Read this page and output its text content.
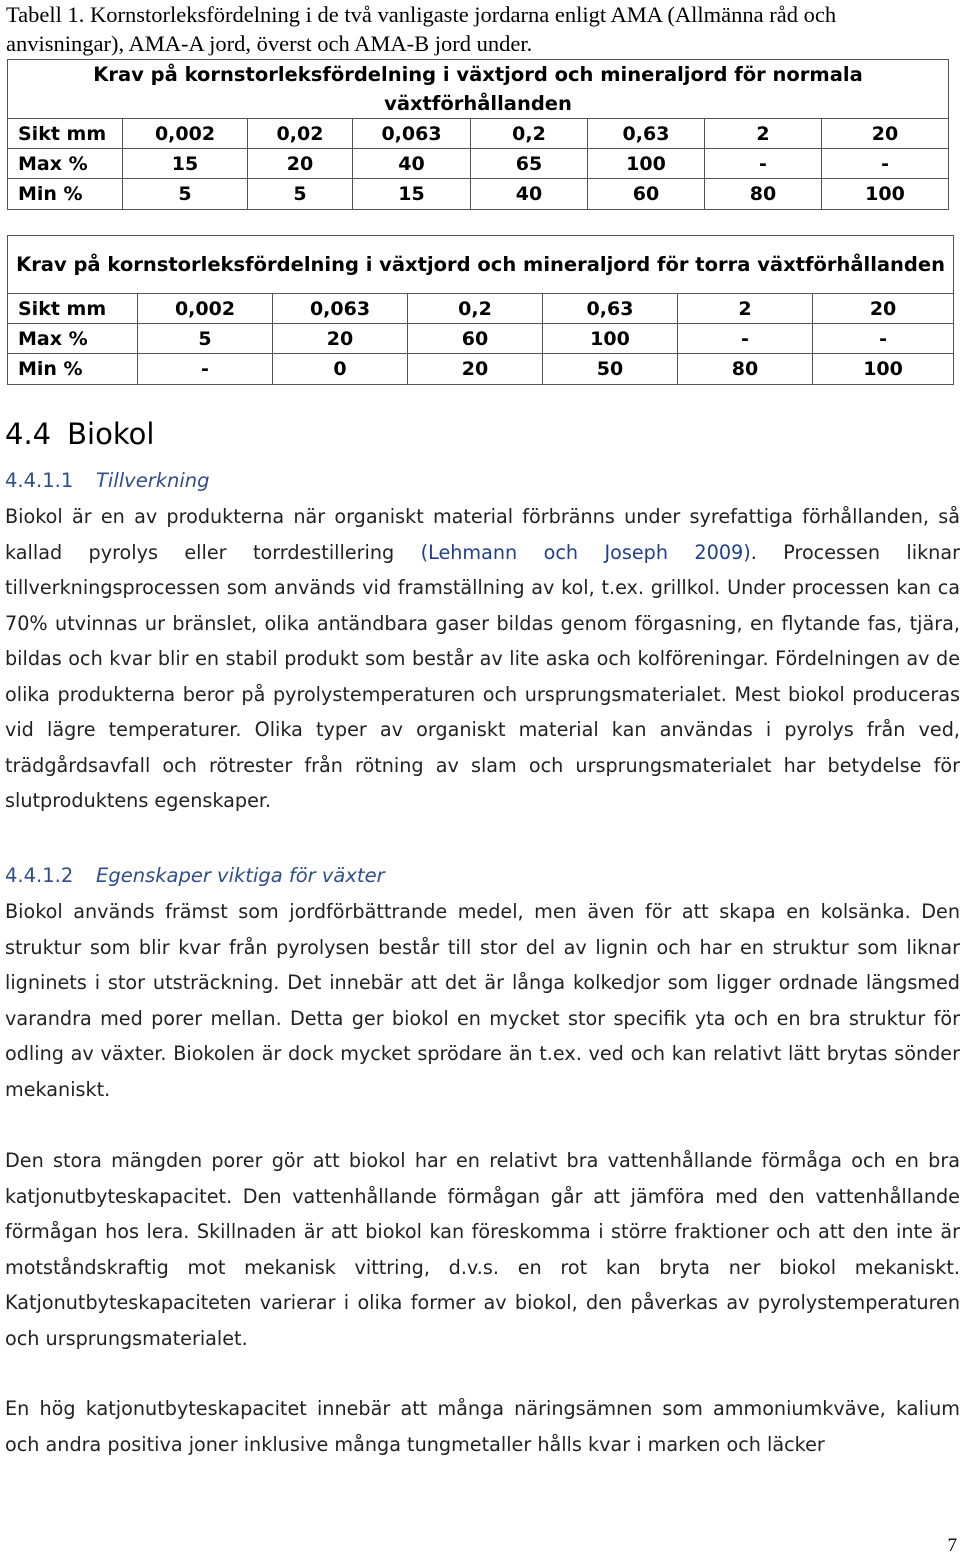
Tabell 1. Kornstorleksfördelning i de två vanligaste jordarna enligt AMA (Allmänna råd och anvisningar), AMA-A jord, överst och AMA-B jord under.
Krav på kornstorleksfördelning i växtjord och mineraljord för normala växtförhållanden							
Sikt mm	0,002	0,02	0,063	0,2	0,63	2	20
Max %	15	20	40	65	100	-	-
Min %	5	5	15	40	60	80	100
Krav på kornstorleksfördelning i växtjord och mineraljord för torra växtförhållanden						
Sikt mm	0,002	0,063	0,2	0,63	2	20
Max %	5	20	60	100	-	-
Min %	-	0	20	50	80	100
4.4 Biokol
4.4.1.1 Tillverkning
Biokol är en av produkterna när organiskt material förbränns under syrefattiga förhållanden, så kallad pyrolys eller torrdestillering (Lehmann och Joseph 2009). Processen liknar tillverkningsprocessen som används vid framställning av kol, t.ex. grillkol. Under processen kan ca 70% utvinnas ur bränslet, olika antändbara gaser bildas genom förgasning, en flytande fas, tjära, bildas och kvar blir en stabil produkt som består av lite aska och kolföreningar. Fördelningen av de olika produkterna beror på pyrolystemperaturen och ursprungsmaterialet. Mest biokol produceras vid lägre temperaturer. Olika typer av organiskt material kan användas i pyrolys från ved, trädgårdsavfall och rötrester från rötning av slam och ursprungsmaterialet har betydelse för slutproduktens egenskaper.
4.4.1.2 Egenskaper viktiga för växter
Biokol används främst som jordförbättrande medel, men även för att skapa en kolsänka. Den struktur som blir kvar från pyrolysen består till stor del av lignin och har en struktur som liknar ligninets i stor utsträckning. Det innebär att det är långa kolkedjor som ligger ordnade längsmed varandra med porer mellan. Detta ger biokol en mycket stor specifik yta och en bra struktur för odling av växter. Biokolen är dock mycket sprödare än t.ex. ved och kan relativt lätt brytas sönder mekaniskt.
Den stora mängden porer gör att biokol har en relativt bra vattenhållande förmåga och en bra katjonutbyteskapacitet. Den vattenhållande förmågan går att jämföra med den vattenhållande förmågan hos lera. Skillnaden är att biokol kan föreskomma i större fraktioner och att den inte är motståndskraftig mot mekanisk vittring, d.v.s. en rot kan bryta ner biokol mekaniskt. Katjonutbyteskapaciteten varierar i olika former av biokol, den påverkas av pyrolystemperaturen och ursprungsmaterialet.
En hög katjonutbyteskapacitet innebär att många näringsämnen som ammoniumkväve, kalium och andra positiva joner inklusive många tungmetaller hålls kvar i marken och läcker
7
